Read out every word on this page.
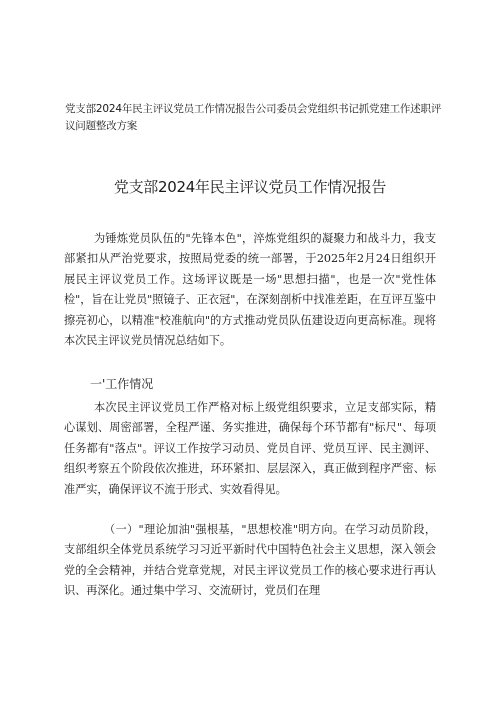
党支部2024年民主评议党员工作情况报告公司委员会党组织书记抓党建工作述职评议问题整改方案
党支部2024年民主评议党员工作情况报告

为锤炼党员队伍的"先锋本色"，淬炼党组织的凝聚力和战斗力，我支部紧扣从严治党要求，按照局党委的统一部署，于2025年2月24日组织开展民主评议党员工作。这场评议既是一场"思想扫描"，也是一次"党性体检"，旨在让党员"照镜子、正衣冠"，在深刻剖析中找准差距，在互评互鉴中擦亮初心，以精准"校准航向"的方式推动党员队伍建设迈向更高标准。现将本次民主评议党员情况总结如下。

一'工作情况

本次民主评议党员工作严格对标上级党组织要求，立足支部实际，精心谋划、周密部署，全程严谨、务实推进，确保每个环节都有"标尺"、每项任务都有"落点"。评议工作按学习动员、党员自评、党员互评、民主测评、组织考察五个阶段依次推进，环环紧扣、层层深入，真正做到程序严密、标准严实，确保评议不流于形式、实效看得见。

（一）"理论加油"强根基，"思想校准"明方向。在学习动员阶段，支部组织全体党员系统学习习近平新时代中国特色社会主义思想，深入领会党的全会精神，并结合党章党规，对民主评议党员工作的核心要求进行再认识、再深化。通过集中学习、交流研讨，党员们在理
